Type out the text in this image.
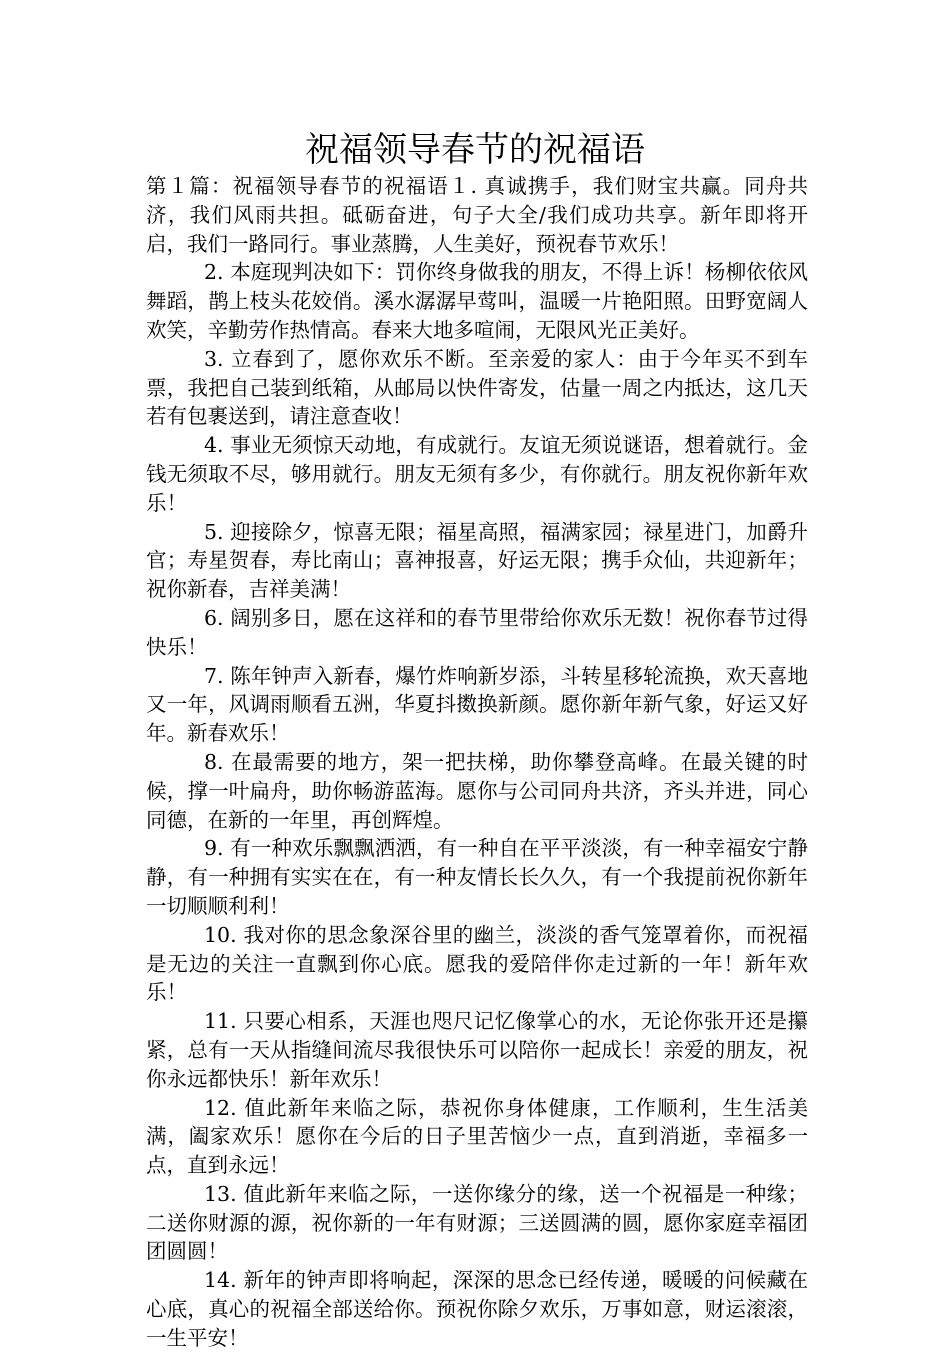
祝福领导春节的祝福语

第１篇：祝福领导春节的祝福语１. 真诚携手，我们财宝共赢。同舟共济，我们风雨共担。砥砺奋进，句子大全/我们成功共享。新年即将开启，我们一路同行。事业蒸腾，人生美好，预祝春节欢乐！

2. 本庭现判决如下：罚你终身做我的朋友，不得上诉！杨柳依依风舞蹈，鹊上枝头花姣俏。溪水潺潺早莺叫，温暖一片艳阳照。田野宽阔人欢笑，辛勤劳作热情高。春来大地多喧闹，无限风光正美好。

3. 立春到了，愿你欢乐不断。至亲爱的家人：由于今年买不到车票，我把自己装到纸箱，从邮局以快件寄发，估量一周之内抵达，这几天若有包裹送到，请注意查收！

4. 事业无须惊天动地，有成就行。友谊无须说谜语，想着就行。金钱无须取不尽，够用就行。朋友无须有多少，有你就行。朋友祝你新年欢乐！

5. 迎接除夕，惊喜无限；福星高照，福满家园；禄星进门，加爵升官；寿星贺春，寿比南山；喜神报喜，好运无限；携手众仙，共迎新年；祝你新春，吉祥美满！

6. 阔别多日，愿在这祥和的春节里带给你欢乐无数！祝你春节过得快乐！

7. 陈年钟声入新春，爆竹炸响新岁添，斗转星移轮流换，欢天喜地又一年，风调雨顺看五洲，华夏抖擞换新颜。愿你新年新气象，好运又好年。新春欢乐！

8. 在最需要的地方，架一把扶梯，助你攀登高峰。在最关键的时候，撑一叶扁舟，助你畅游蓝海。愿你与公司同舟共济，齐头并进，同心同德，在新的一年里，再创辉煌。

9. 有一种欢乐飘飘洒洒，有一种自在平平淡淡，有一种幸福安宁静静，有一种拥有实实在在，有一种友情长长久久，有一个我提前祝你新年一切顺顺利利！

10. 我对你的思念象深谷里的幽兰，淡淡的香气笼罩着你，而祝福是无边的关注一直飘到你心底。愿我的爱陪伴你走过新的一年！新年欢乐！

11. 只要心相系，天涯也咫尺记忆像掌心的水，无论你张开还是攥紧，总有一天从指缝间流尽我很快乐可以陪你一起成长！亲爱的朋友，祝你永远都快乐！新年欢乐！

12. 值此新年来临之际，恭祝你身体健康，工作顺利，生生活美满，阖家欢乐！愿你在今后的日子里苦恼少一点，直到消逝，幸福多一点，直到永远！

13. 值此新年来临之际，一送你缘分的缘，送一个祝福是一种缘；二送你财源的源，祝你新的一年有财源；三送圆满的圆，愿你家庭幸福团团圆圆！

14. 新年的钟声即将响起，深深的思念已经传递，暖暖的问候藏在心底，真心的祝福全部送给你。预祝你除夕欢乐，万事如意，财运滚滚，一生平安！
